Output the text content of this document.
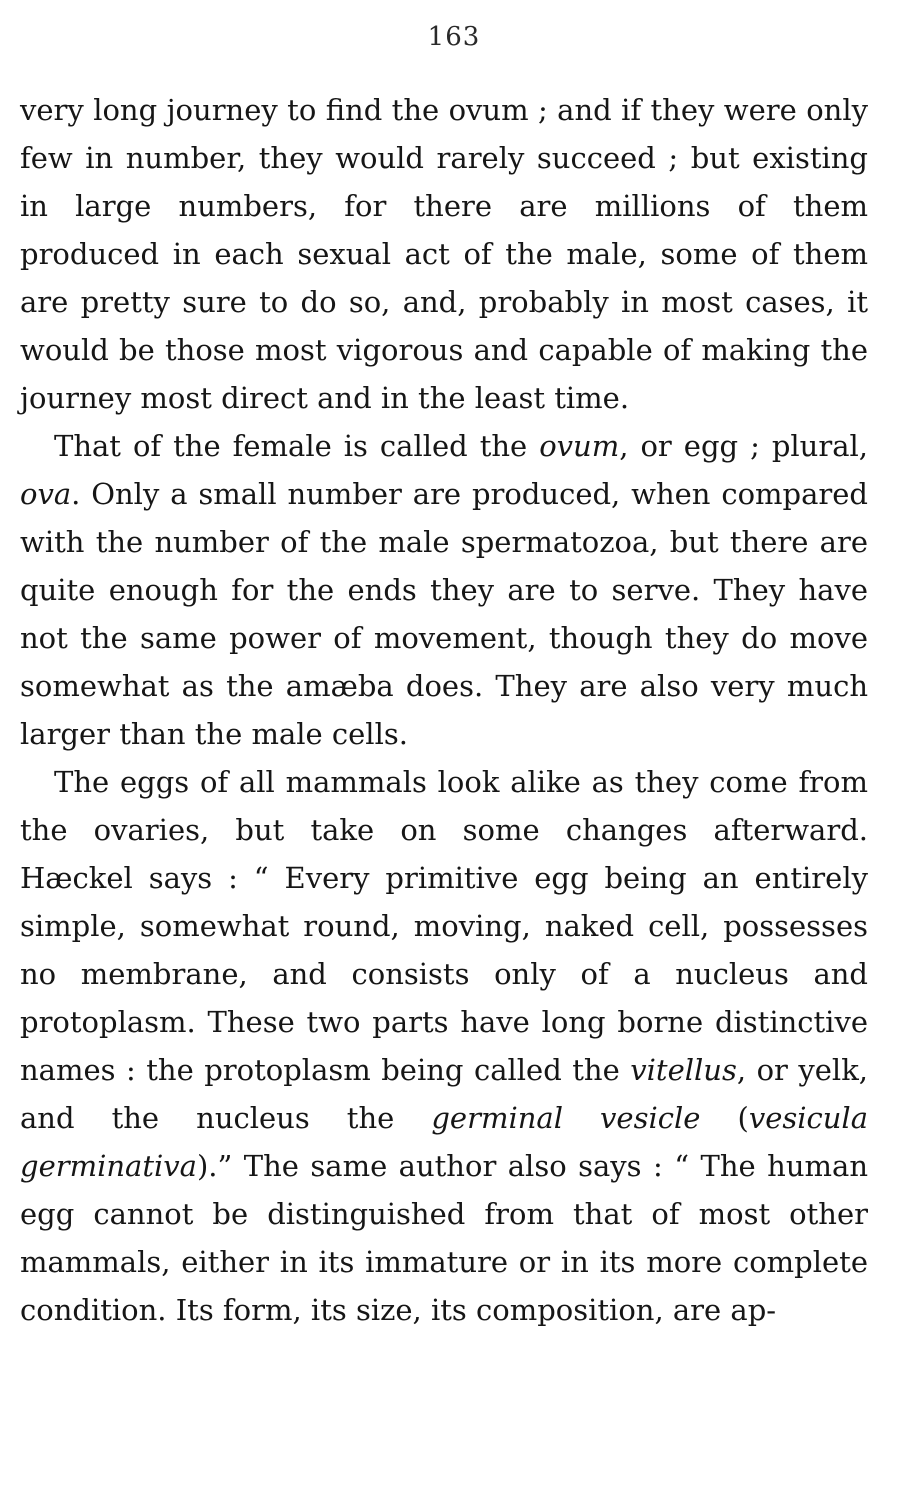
163

very long journey to find the ovum ; and if they were only few in number, they would rarely succeed ; but existing in large numbers, for there are millions of them produced in each sexual act of the male, some of them are pretty sure to do so, and, probably in most cases, it would be those most vigorous and capable of making the journey most direct and in the least time.

That of the female is called the ovum, or egg ; plural, ova. Only a small number are produced, when compared with the number of the male spermatozoa, but there are quite enough for the ends they are to serve. They have not the same power of movement, though they do move somewhat as the amæba does. They are also very much larger than the male cells.

The eggs of all mammals look alike as they come from the ovaries, but take on some changes afterward. Hæckel says : “ Every primitive egg being an entirely simple, somewhat round, moving, naked cell, possesses no membrane, and consists only of a nucleus and protoplasm. These two parts have long borne distinctive names : the protoplasm being called the vitellus, or yelk, and the nucleus the germinal vesicle (vesicula germinativa).” The same author also says : “ The human egg cannot be distinguished from that of most other mammals, either in its immature or in its more complete condition. Its form, its size, its composition, are ap-
